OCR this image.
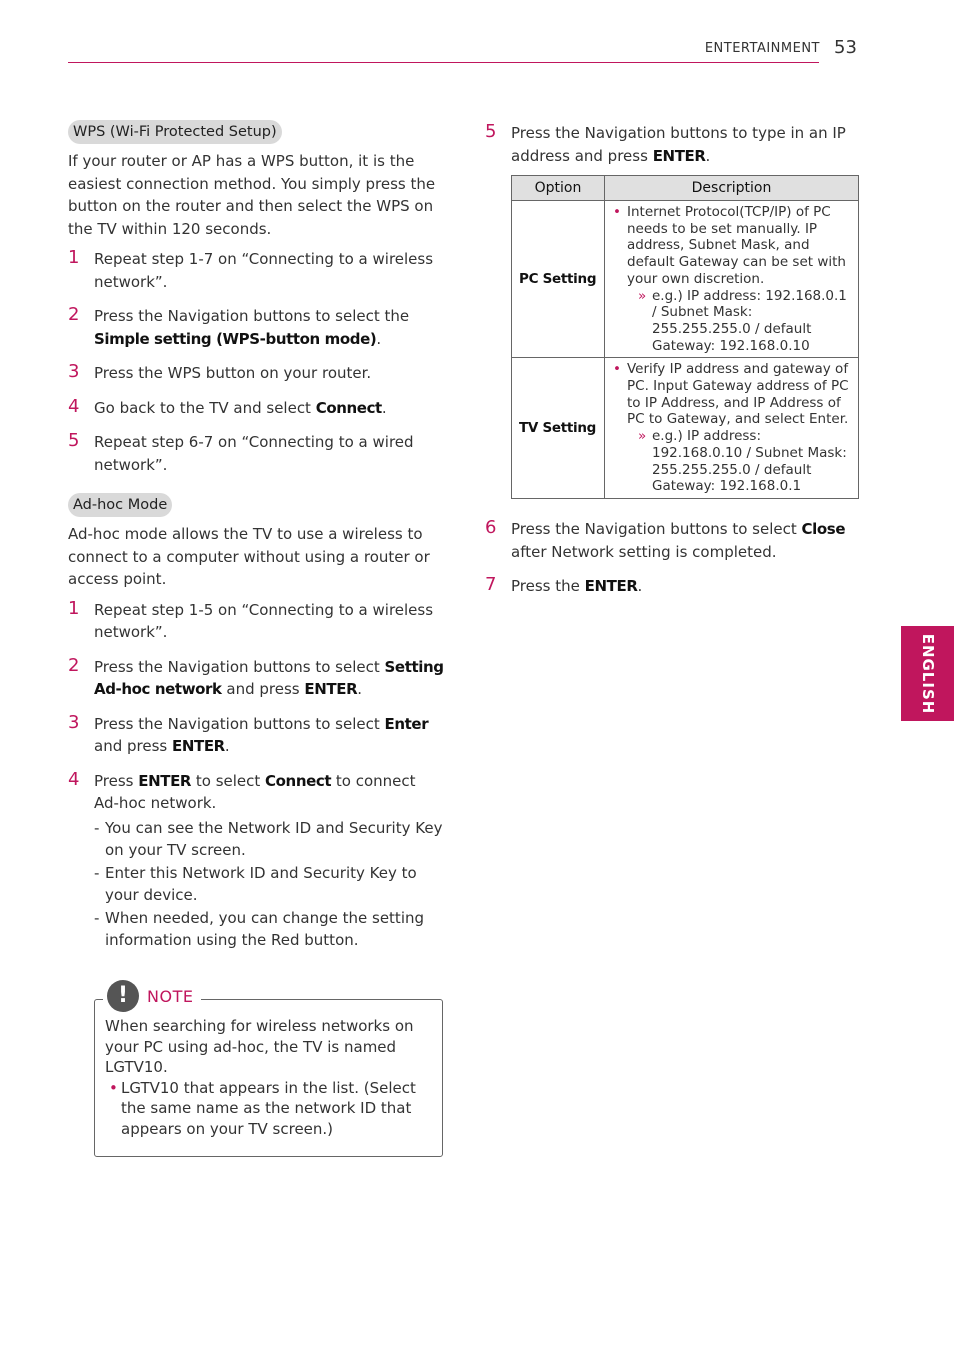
ENTERTAINMENT 53
ENGLISH
WPS (Wi-Fi Protected Setup)

If your router or AP has a WPS button, it is the easiest connection method. You simply press the button on the router and then select the WPS on the TV within 120 seconds.

1 Repeat step 1-7 on “Connecting to a wireless network”.
2 Press the Navigation buttons to select the Simple setting (WPS-button mode).
3 Press the WPS button on your router.
4 Go back to the TV and select Connect.
5 Repeat step 6-7 on “Connecting to a wired network”.
Ad-hoc Mode

Ad-hoc mode allows the TV to use a wireless to connect to a computer without using a router or access point.

1 Repeat step 1-5 on “Connecting to a wireless network”.
2 Press the Navigation buttons to select Setting Ad-hoc network and press ENTER.
3 Press the Navigation buttons to select Enter and press ENTER.
4 Press ENTER to select Connect to connect Ad-hoc network.
- You can see the Network ID and Security Key on your TV screen.
- Enter this Network ID and Security Key to your device.
- When needed, you can change the setting information using the Red button.
!	NOTE
When searching for wireless networks on your PC using ad-hoc, the TV is named LGTV10.
• LGTV10 that appears in the list. (Select the same name as the network ID that appears on your TV screen.)
5 Press the Navigation buttons to type in an IP address and press ENTER.
Option	Description
PC Setting	• Internet Protocol(TCP/IP) of PC needs to be set manually. IP address, Subnet Mask, and default Gateway can be set with your own discretion.
» e.g.) IP address: 192.168.0.1 / Subnet Mask: 255.255.255.0 / default Gateway: 192.168.0.10

TV Setting	• Verify IP address and gateway of PC. Input Gateway address of PC to IP Address, and IP Address of PC to Gateway, and select Enter.
» e.g.) IP address: 192.168.0.10 / Subnet Mask: 255.255.255.0 / default Gateway: 192.168.0.1
6 Press the Navigation buttons to select Close after Network setting is completed.
7 Press the ENTER.
